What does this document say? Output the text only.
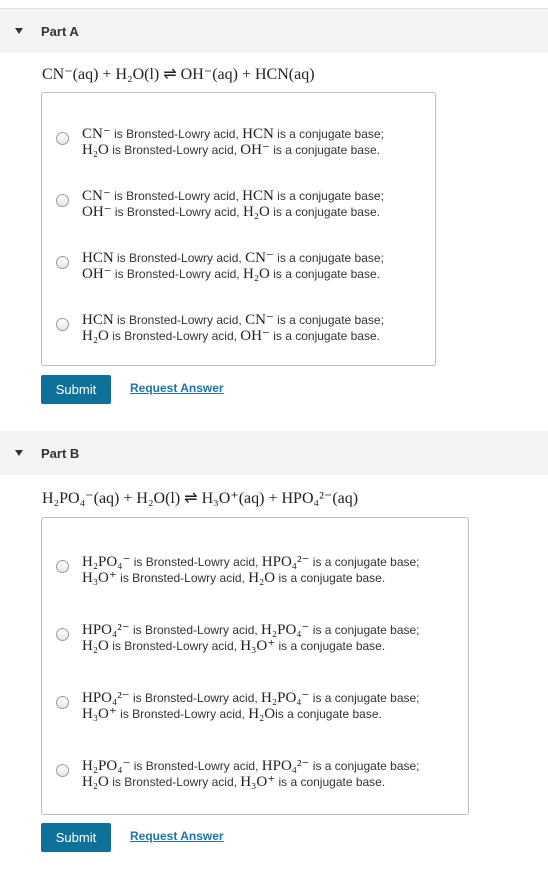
Part A
CN⁻(aq) + H₂O(l) ⇌ OH⁻(aq) + HCN(aq)
CN⁻ is Bronsted-Lowry acid, HCN is a conjugate base;
H₂O is Bronsted-Lowry acid, OH⁻ is a conjugate base.
CN⁻ is Bronsted-Lowry acid, HCN is a conjugate base;
OH⁻ is Bronsted-Lowry acid, H₂O is a conjugate base.
HCN is Bronsted-Lowry acid, CN⁻ is a conjugate base;
OH⁻ is Bronsted-Lowry acid, H₂O is a conjugate base.
HCN is Bronsted-Lowry acid, CN⁻ is a conjugate base;
H₂O is Bronsted-Lowry acid, OH⁻ is a conjugate base.
Submit	Request Answer
Part B
H₂PO₄⁻(aq) + H₂O(l) ⇌ H₃O⁺(aq) + HPO₄²⁻(aq)
H₂PO₄⁻ is Bronsted-Lowry acid, HPO₄²⁻ is a conjugate base;
H₃O⁺ is Bronsted-Lowry acid, H₂O is a conjugate base.
HPO₄²⁻ is Bronsted-Lowry acid, H₂PO₄⁻ is a conjugate base;
H₂O is Bronsted-Lowry acid, H₃O⁺ is a conjugate base.
HPO₄²⁻ is Bronsted-Lowry acid, H₂PO₄⁻ is a conjugate base;
H₃O⁺ is Bronsted-Lowry acid, H₂Ois a conjugate base.
H₂PO₄⁻ is Bronsted-Lowry acid, HPO₄²⁻ is a conjugate base;
H₂O is Bronsted-Lowry acid, H₃O⁺ is a conjugate base.
Submit	Request Answer
